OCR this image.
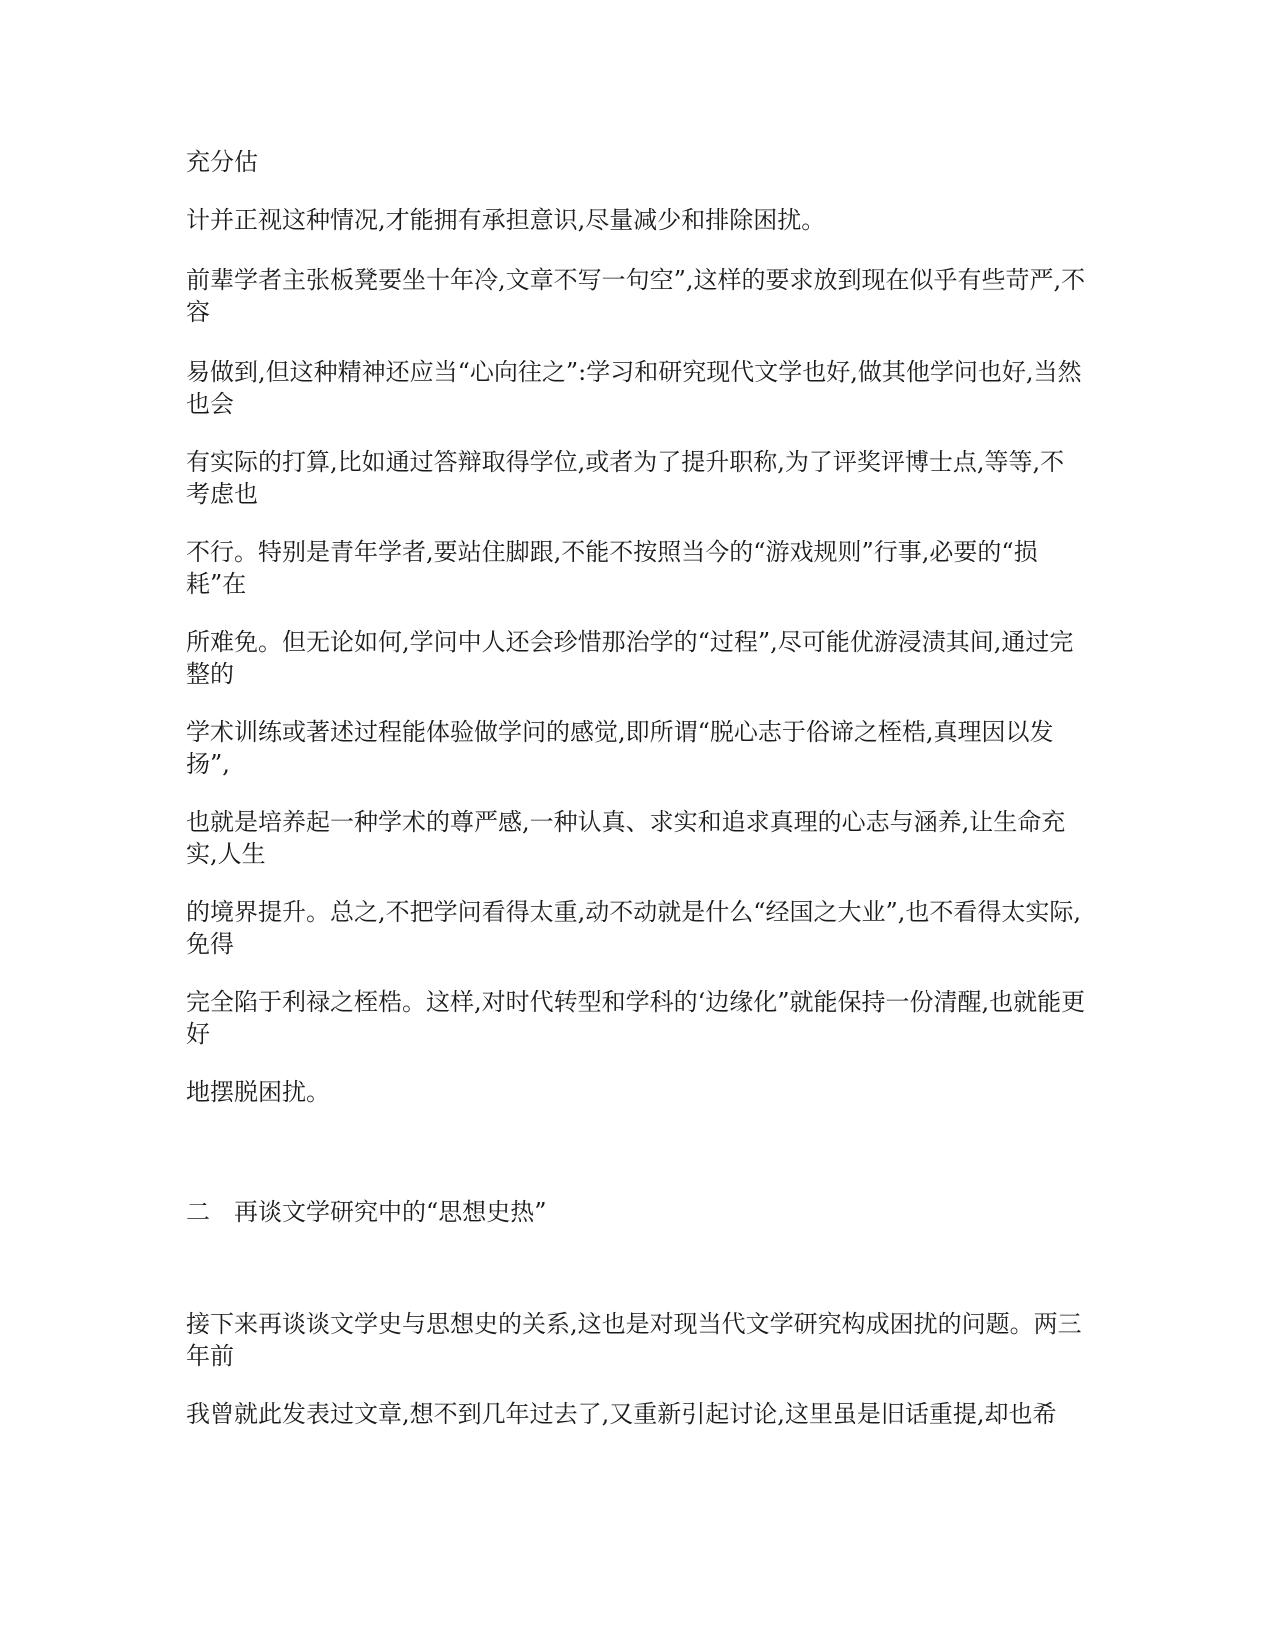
充分估

计并正视这种情况,才能拥有承担意识,尽量减少和排除困扰。

前辈学者主张板凳要坐十年冷,文章不写一句空”,这样的要求放到现在似乎有些苛严,不容

易做到,但这种精神还应当“心向往之”:学习和研究现代文学也好,做其他学问也好,当然也会

有实际的打算,比如通过答辩取得学位,或者为了提升职称,为了评奖评博士点,等等,不考虑也

不行。特别是青年学者,要站住脚跟,不能不按照当今的“游戏规则”行事,必要的“损耗”在

所难免。但无论如何,学问中人还会珍惜那治学的“过程”,尽可能优游浸渍其间,通过完整的

学术训练或著述过程能体验做学问的感觉,即所谓“脱心志于俗谛之桎梏,真理因以发扬”,

也就是培养起一种学术的尊严感,一种认真、求实和追求真理的心志与涵养,让生命充实,人生

的境界提升。总之,不把学问看得太重,动不动就是什么“经国之大业”,也不看得太实际,免得

完全陷于利禄之桎梏。这样,对时代转型和学科的‘边缘化”就能保持一份清醒,也就能更好

地摆脱困扰。

二　再谈文学研究中的“思想史热”

接下来再谈谈文学史与思想史的关系,这也是对现当代文学研究构成困扰的问题。两三年前

我曾就此发表过文章,想不到几年过去了,又重新引起讨论,这里虽是旧话重提,却也希
